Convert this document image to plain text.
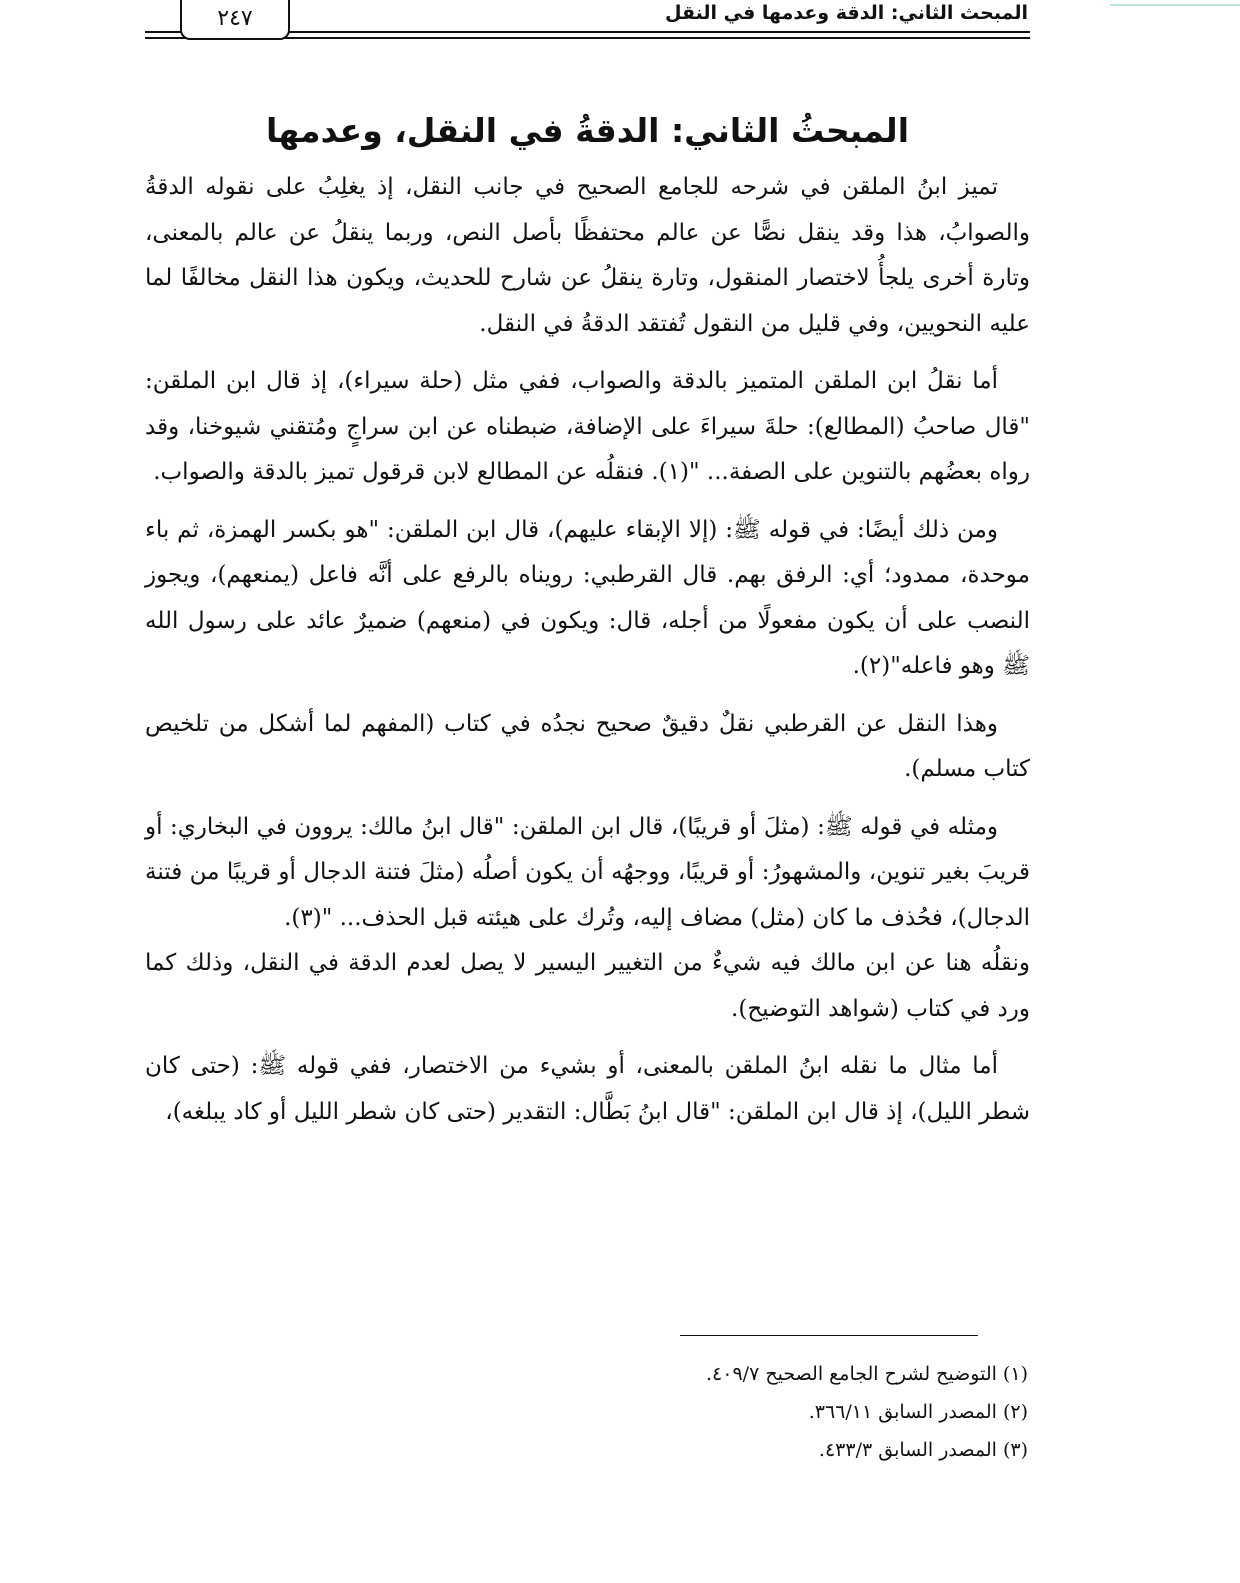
المبحث الثاني: الدقة وعدمها في النقل
٢٤٧
المبحثُ الثاني: الدقةُ في النقل، وعدمها

تميز ابنُ الملقن في شرحه للجامع الصحيح في جانب النقل، إذ يغلِبُ على نقوله الدقةُ والصوابُ، هذا وقد ينقل نصًّا عن عالم محتفظًا بأصل النص، وربما ينقلُ عن عالم بالمعنى، وتارة أخرى يلجأُ لاختصار المنقول، وتارة ينقلُ عن شارح للحديث، ويكون هذا النقل مخالفًا لما عليه النحويين، وفي قليل من النقول تُفتقد الدقةُ في النقل.

أما نقلُ ابن الملقن المتميز بالدقة والصواب، ففي مثل (حلة سيراء)، إذ قال ابن الملقن: "قال صاحبُ (المطالع): حلةَ سيراءَ على الإضافة، ضبطناه عن ابن سراجٍ ومُتقني شيوخنا، وقد رواه بعضُهم بالتنوين على الصفة... "(١). فنقلُه عن المطالع لابن قرقول تميز بالدقة والصواب.

ومن ذلك أيضًا: في قوله ﷺ: (إلا الإبقاء عليهم)، قال ابن الملقن: "هو بكسر الهمزة، ثم باء موحدة، ممدود؛ أي: الرفق بهم. قال القرطبي: رويناه بالرفع على أنَّه فاعل (يمنعهم)، ويجوز النصب على أن يكون مفعولًا من أجله، قال: ويكون في (منعهم) ضميرٌ عائد على رسول الله ﷺ وهو فاعله"(٢).

وهذا النقل عن القرطبي نقلٌ دقيقٌ صحيح نجدُه في كتاب (المفهم لما أشكل من تلخيص كتاب مسلم).

ومثله في قوله ﷺ: (مثلَ أو قريبًا)، قال ابن الملقن: "قال ابنُ مالك: يروون في البخاري: أو قريبَ بغير تنوين، والمشهورُ: أو قريبًا، ووجهُه أن يكون أصلُه (مثلَ فتنة الدجال أو قريبًا من فتنة الدجال)، فحُذف ما كان (مثل) مضاف إليه، وتُرك على هيئته قبل الحذف... "(٣).

ونقلُه هنا عن ابن مالك فيه شيءٌ من التغيير اليسير لا يصل لعدم الدقة في النقل، وذلك كما ورد في كتاب (شواهد التوضيح).

أما مثال ما نقله ابنُ الملقن بالمعنى، أو بشيء من الاختصار، ففي قوله ﷺ: (حتى كان شطر الليل)، إذ قال ابن الملقن: "قال ابنُ بَطَّال: التقدير (حتى كان شطر الليل أو كاد يبلغه)،

(١) التوضيح لشرح الجامع الصحيح ٤٠٩/٧.
(٢) المصدر السابق ٣٦٦/١١.
(٣) المصدر السابق ٤٣٣/٣.
